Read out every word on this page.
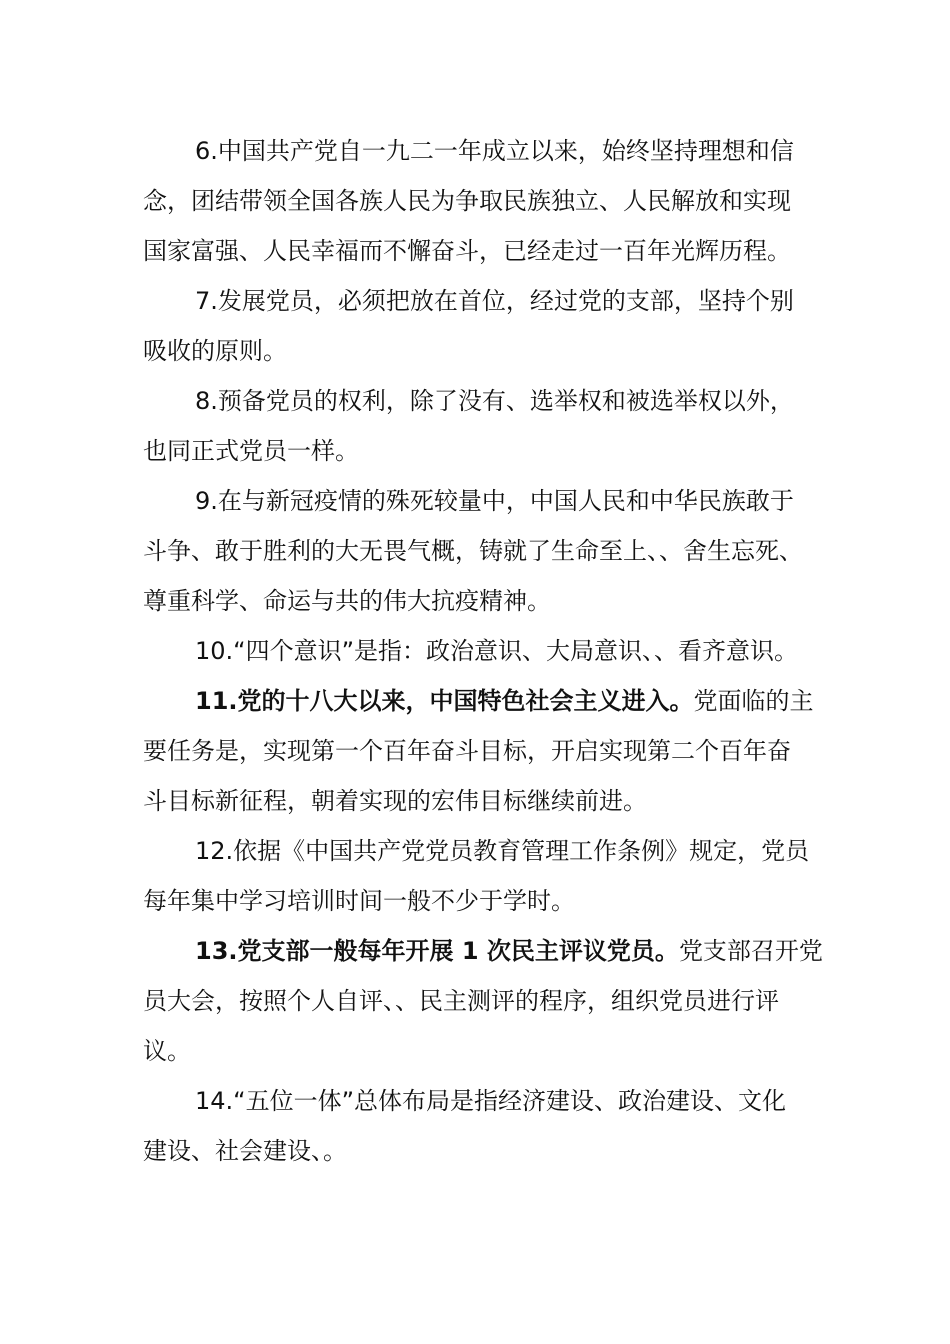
6.中国共产党自一九二一年成立以来，始终坚持理想和信
念，团结带领全国各族人民为争取民族独立、人民解放和实现
国家富强、人民幸福而不懈奋斗，已经走过一百年光辉历程。
7.发展党员，必须把放在首位，经过党的支部，坚持个别
吸收的原则。
8.预备党员的权利，除了没有、选举权和被选举权以外，
也同正式党员一样。
9.在与新冠疫情的殊死较量中，中国人民和中华民族敢于
斗争、敢于胜利的大无畏气概，铸就了生命至上、、舍生忘死、
尊重科学、命运与共的伟大抗疫精神。
10.“四个意识”是指：政治意识、大局意识、、看齐意识。
11.党的十八大以来，中国特色社会主义进入。党面临的主
要任务是，实现第一个百年奋斗目标，开启实现第二个百年奋
斗目标新征程，朝着实现的宏伟目标继续前进。
12.依据《中国共产党党员教育管理工作条例》规定，党员
每年集中学习培训时间一般不少于学时。
13.党支部一般每年开展 1 次民主评议党员。党支部召开党
员大会，按照个人自评、、民主测评的程序，组织党员进行评
议。
14.“五位一体”总体布局是指经济建设、政治建设、文化
建设、社会建设、。
